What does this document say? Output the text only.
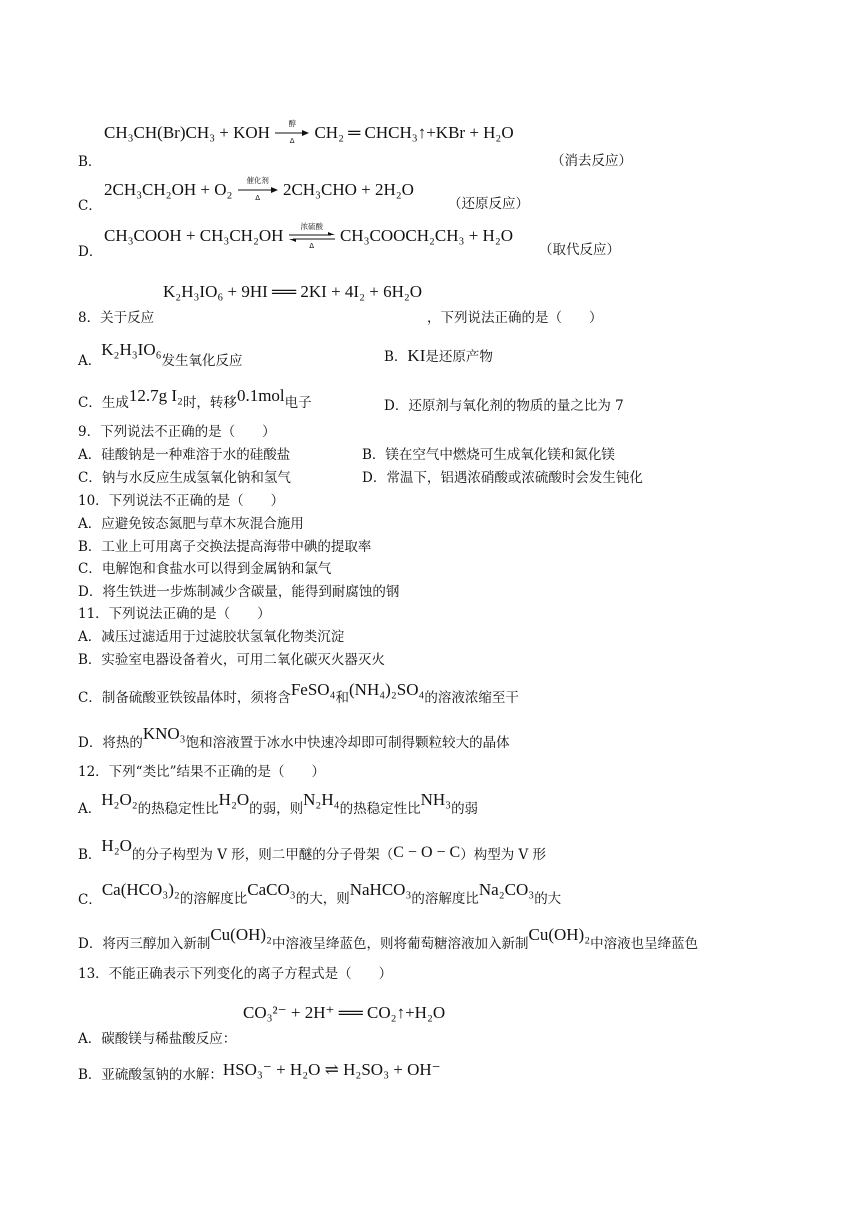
CH₃CH(Br)CH₃ + KOH	醇
Δ	CH₂ ═ CHCH₃↑+KBr + H₂O
B．	（消去反应）
C．
2CH₃CH₂OH + O₂	催化剂
Δ	2CH₃CHO + 2H₂O
（还原反应）
D．
CH₃COOH + CH₃CH₂OH	浓硫酸
Δ
CH₃COOCH₂CH₃ + H₂O
（取代反应）
K₂H₃IO₆ + 9HI ══ 2KI + 4I₂ + 6H₂O
8．关于反应	，下列说法正确的是（　　）
A．K₂H₃IO₆发生氧化反应	B．KI是还原产物
C．生成12.7g I₂时，转移0.1mol电子	D．还原剂与氧化剂的物质的量之比为 7
9．下列说法不正确的是（　　）
A．硅酸钠是一种难溶于水的硅酸盐	B．镁在空气中燃烧可生成氧化镁和氮化镁
C．钠与水反应生成氢氧化钠和氢气	D．常温下，铝遇浓硝酸或浓硫酸时会发生钝化
10．下列说法不正确的是（　　）
A．应避免铵态氮肥与草木灰混合施用
B．工业上可用离子交换法提高海带中碘的提取率
C．电解饱和食盐水可以得到金属钠和氯气
D．将生铁进一步炼制减少含碳量，能得到耐腐蚀的钢
11．下列说法正确的是（　　）
A．减压过滤适用于过滤胶状氢氧化物类沉淀
B．实验室电器设备着火，可用二氧化碳灭火器灭火
C．制备硫酸亚铁铵晶体时，须将含FeSO₄和(NH₄)₂SO₄的溶液浓缩至干
D．将热的KNO₃饱和溶液置于冰水中快速冷却即可制得颗粒较大的晶体
12．下列“类比”结果不正确的是（　　）
A．H₂O₂的热稳定性比H₂O的弱，则N₂H₄的热稳定性比NH₃的弱
B．H₂O的分子构型为 V 形，则二甲醚的分子骨架（C − O − C）构型为 V 形
C．Ca(HCO₃)₂的溶解度比CaCO₃的大，则NaHCO₃的溶解度比Na₂CO₃的大
D．将丙三醇加入新制Cu(OH)₂中溶液呈绛蓝色，则将葡萄糖溶液加入新制Cu(OH)₂中溶液也呈绛蓝色
13．不能正确表示下列变化的离子方程式是（　　）
CO₃²⁻ + 2H⁺ ══ CO₂↑+H₂O
A．碳酸镁与稀盐酸反应：
B．亚硫酸氢钠的水解：HSO₃⁻ + H₂O ⇌ H₂SO₃ + OH⁻
